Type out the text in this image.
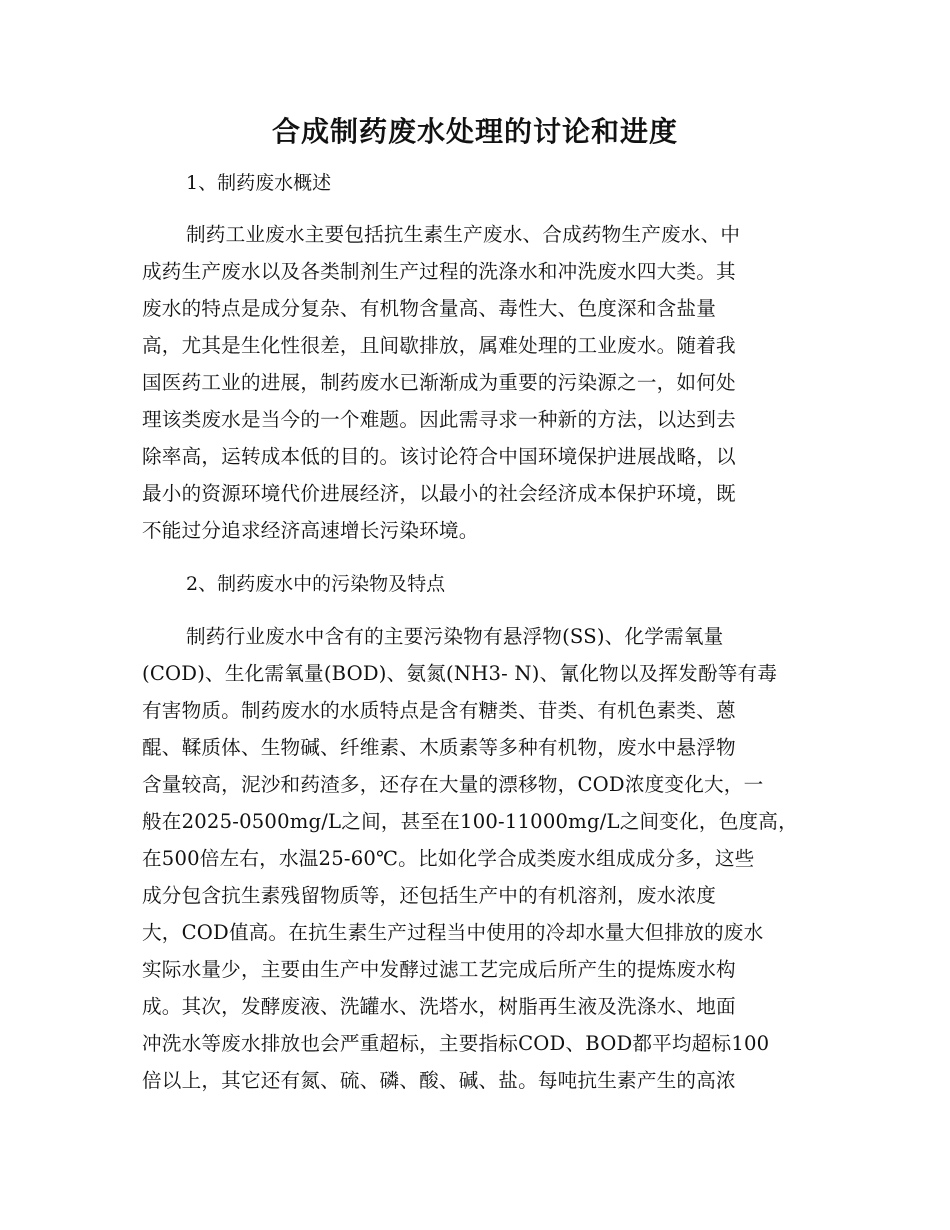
合成制药废水处理的讨论和进度
1、制药废水概述
制药工业废水主要包括抗生素生产废水、合成药物生产废水、中
成药生产废水以及各类制剂生产过程的洗涤水和冲洗废水四大类。其
废水的特点是成分复杂、有机物含量高、毒性大、色度深和含盐量
高，尤其是生化性很差，且间歇排放，属难处理的工业废水。随着我
国医药工业的进展，制药废水已渐渐成为重要的污染源之一，如何处
理该类废水是当今的一个难题。因此需寻求一种新的方法，以达到去
除率高，运转成本低的目的。该讨论符合中国环境保护进展战略，以
最小的资源环境代价进展经济，以最小的社会经济成本保护环境，既
不能过分追求经济高速增长污染环境。
2、制药废水中的污染物及特点
制药行业废水中含有的主要污染物有悬浮物(SS)、化学需氧量
(COD)、生化需氧量(BOD)、氨氮(NH3- N)、氰化物以及挥发酚等有毒
有害物质。制药废水的水质特点是含有糖类、苷类、有机色素类、蒽
醌、鞣质体、生物碱、纤维素、木质素等多种有机物，废水中悬浮物
含量较高，泥沙和药渣多，还存在大量的漂移物，COD浓度变化大，一
般在2025-0500mg/L之间，甚至在100-11000mg/L之间变化，色度高，
在500倍左右，水温25-60℃。比如化学合成类废水组成成分多，这些
成分包含抗生素残留物质等，还包括生产中的有机溶剂，废水浓度
大，COD值高。在抗生素生产过程当中使用的冷却水量大但排放的废水
实际水量少，主要由生产中发酵过滤工艺完成后所产生的提炼废水构
成。其次，发酵废液、洗罐水、洗塔水，树脂再生液及洗涤水、地面
冲洗水等废水排放也会严重超标，主要指标COD、BOD都平均超标100
倍以上，其它还有氮、硫、磷、酸、碱、盐。每吨抗生素产生的高浓
